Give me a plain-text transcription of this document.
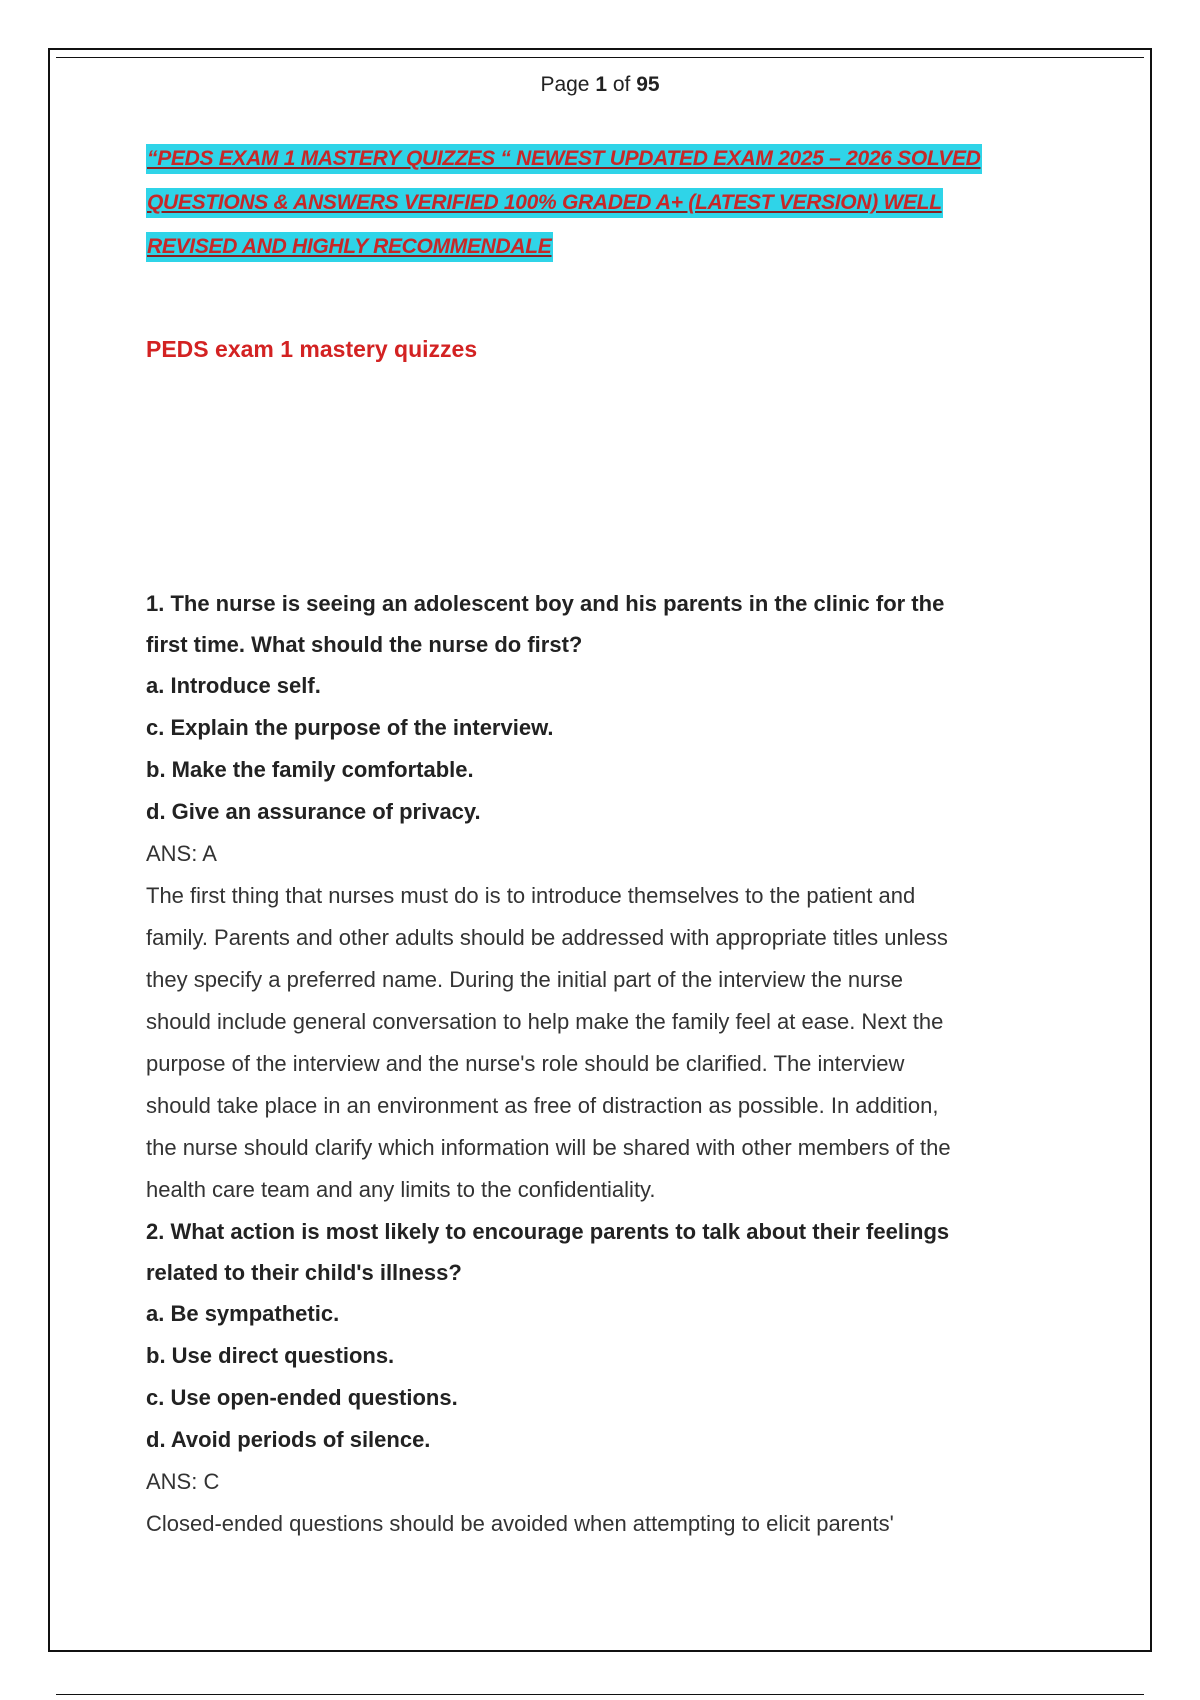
Page 1 of 95
“PEDS EXAM 1 MASTERY QUIZZES “ NEWEST UPDATED EXAM 2025 – 2026 SOLVED
QUESTIONS & ANSWERS VERIFIED 100% GRADED A+ (LATEST VERSION) WELL
REVISED AND HIGHLY RECOMMENDALE
PEDS exam 1 mastery quizzes
1. The nurse is seeing an adolescent boy and his parents in the clinic for the
first time. What should the nurse do first?
a. Introduce self.
c. Explain the purpose of the interview.
b. Make the family comfortable.
d. Give an assurance of privacy.
ANS: A
The first thing that nurses must do is to introduce themselves to the patient and
family. Parents and other adults should be addressed with appropriate titles unless
they specify a preferred name. During the initial part of the interview the nurse
should include general conversation to help make the family feel at ease. Next the
purpose of the interview and the nurse's role should be clarified. The interview
should take place in an environment as free of distraction as possible. In addition,
the nurse should clarify which information will be shared with other members of the
health care team and any limits to the confidentiality.
2. What action is most likely to encourage parents to talk about their feelings
related to their child's illness?
a. Be sympathetic.
b. Use direct questions.
c. Use open-ended questions.
d. Avoid periods of silence.
ANS: C
Closed-ended questions should be avoided when attempting to elicit parents'
